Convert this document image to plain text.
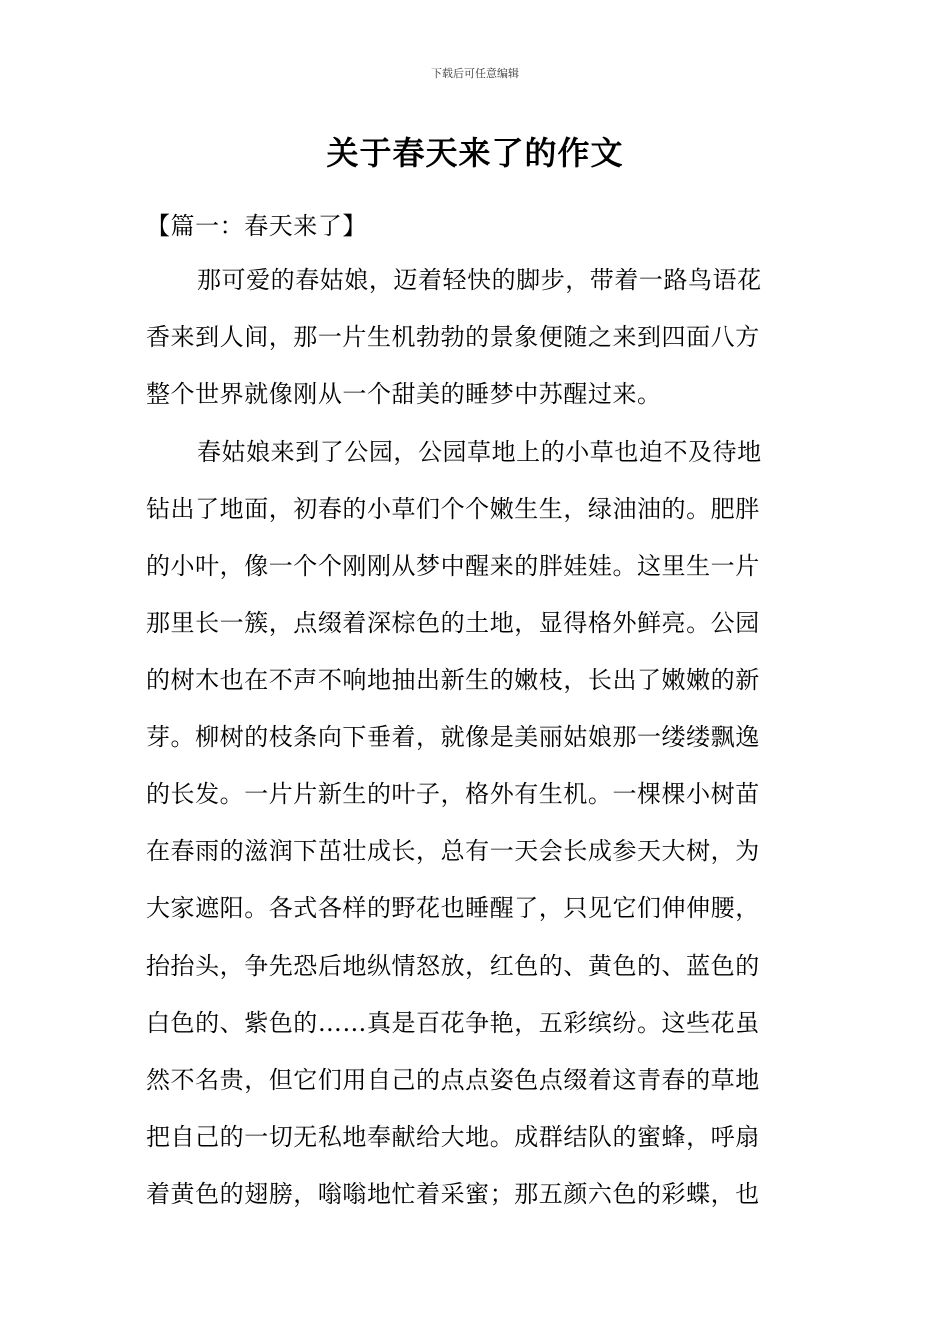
下载后可任意编辑
关于春天来了的作文
【篇一：春天来了】
那可爱的春姑娘，迈着轻快的脚步，带着一路鸟语花
香来到人间，那一片生机勃勃的景象便随之来到四面八方
整个世界就像刚从一个甜美的睡梦中苏醒过来。
春姑娘来到了公园，公园草地上的小草也迫不及待地
钻出了地面，初春的小草们个个嫩生生，绿油油的。肥胖
的小叶，像一个个刚刚从梦中醒来的胖娃娃。这里生一片
那里长一簇，点缀着深棕色的土地，显得格外鲜亮。公园
的树木也在不声不响地抽出新生的嫩枝，长出了嫩嫩的新
芽。柳树的枝条向下垂着，就像是美丽姑娘那一缕缕飘逸
的长发。一片片新生的叶子，格外有生机。一棵棵小树苗
在春雨的滋润下茁壮成长，总有一天会长成参天大树，为
大家遮阳。各式各样的野花也睡醒了，只见它们伸伸腰，
抬抬头，争先恐后地纵情怒放，红色的、黄色的、蓝色的
白色的、紫色的……真是百花争艳，五彩缤纷。这些花虽
然不名贵，但它们用自己的点点姿色点缀着这青春的草地
把自己的一切无私地奉献给大地。成群结队的蜜蜂，呼扇
着黄色的翅膀，嗡嗡地忙着采蜜；那五颜六色的彩蝶，也
